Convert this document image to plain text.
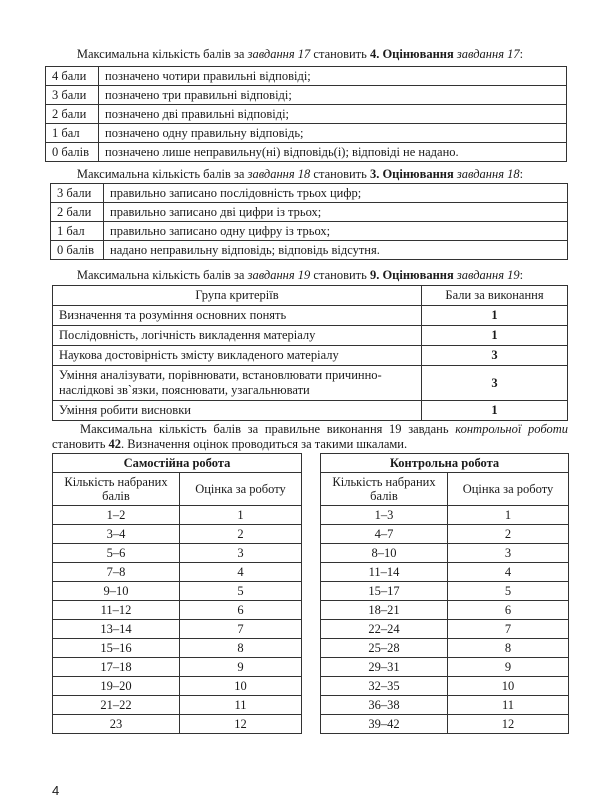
Максимальна кількість балів за завдання 17 становить 4. Оцінювання завдання 17:
4 бали	позначено чотири правильні відповіді;
3 бали	позначено три правильні відповіді;
2 бали	позначено дві правильні відповіді;
1 бал	позначено одну правильну відповідь;
0 балів	позначено лише неправильну(ні) відповідь(і); відповіді не надано.
Максимальна кількість балів за завдання 18 становить 3. Оцінювання завдання 18:
3 бали	правильно записано послідовність трьох цифр;
2 бали	правильно записано дві цифри із трьох;
1 бал	правильно записано одну цифру із трьох;
0 балів	надано неправильну відповідь; відповідь відсутня.
Максимальна кількість балів за завдання 19 становить 9. Оцінювання завдання 19:
Група критеріїв	Бали за виконання
Визначення та розуміння основних понять	1
Послідовність, логічність викладення матеріалу	1
Наукова достовірність змісту викладеного матеріалу	3
Уміння аналізувати, порівнювати, встановлювати причинно-наслідкові зв`язки, пояснювати, узагальнювати	3
Уміння робити висновки	1
Максимальна кількість балів за правильне виконання 19 завдань контрольної роботи становить 42. Визначення оцінок проводиться за такими шкалами.
Самостійна робота	
Кількість набраних балів	Оцінка за роботу
1–2	1
3–4	2
5–6	3
7–8	4
9–10	5
11–12	6
13–14	7
15–16	8
17–18	9
19–20	10
21–22	11
23	12
Контрольна робота	
Кількість набраних балів	Оцінка за роботу
1–3	1
4–7	2
8–10	3
11–14	4
15–17	5
18–21	6
22–24	7
25–28	8
29–31	9
32–35	10
36–38	11
39–42	12
4
